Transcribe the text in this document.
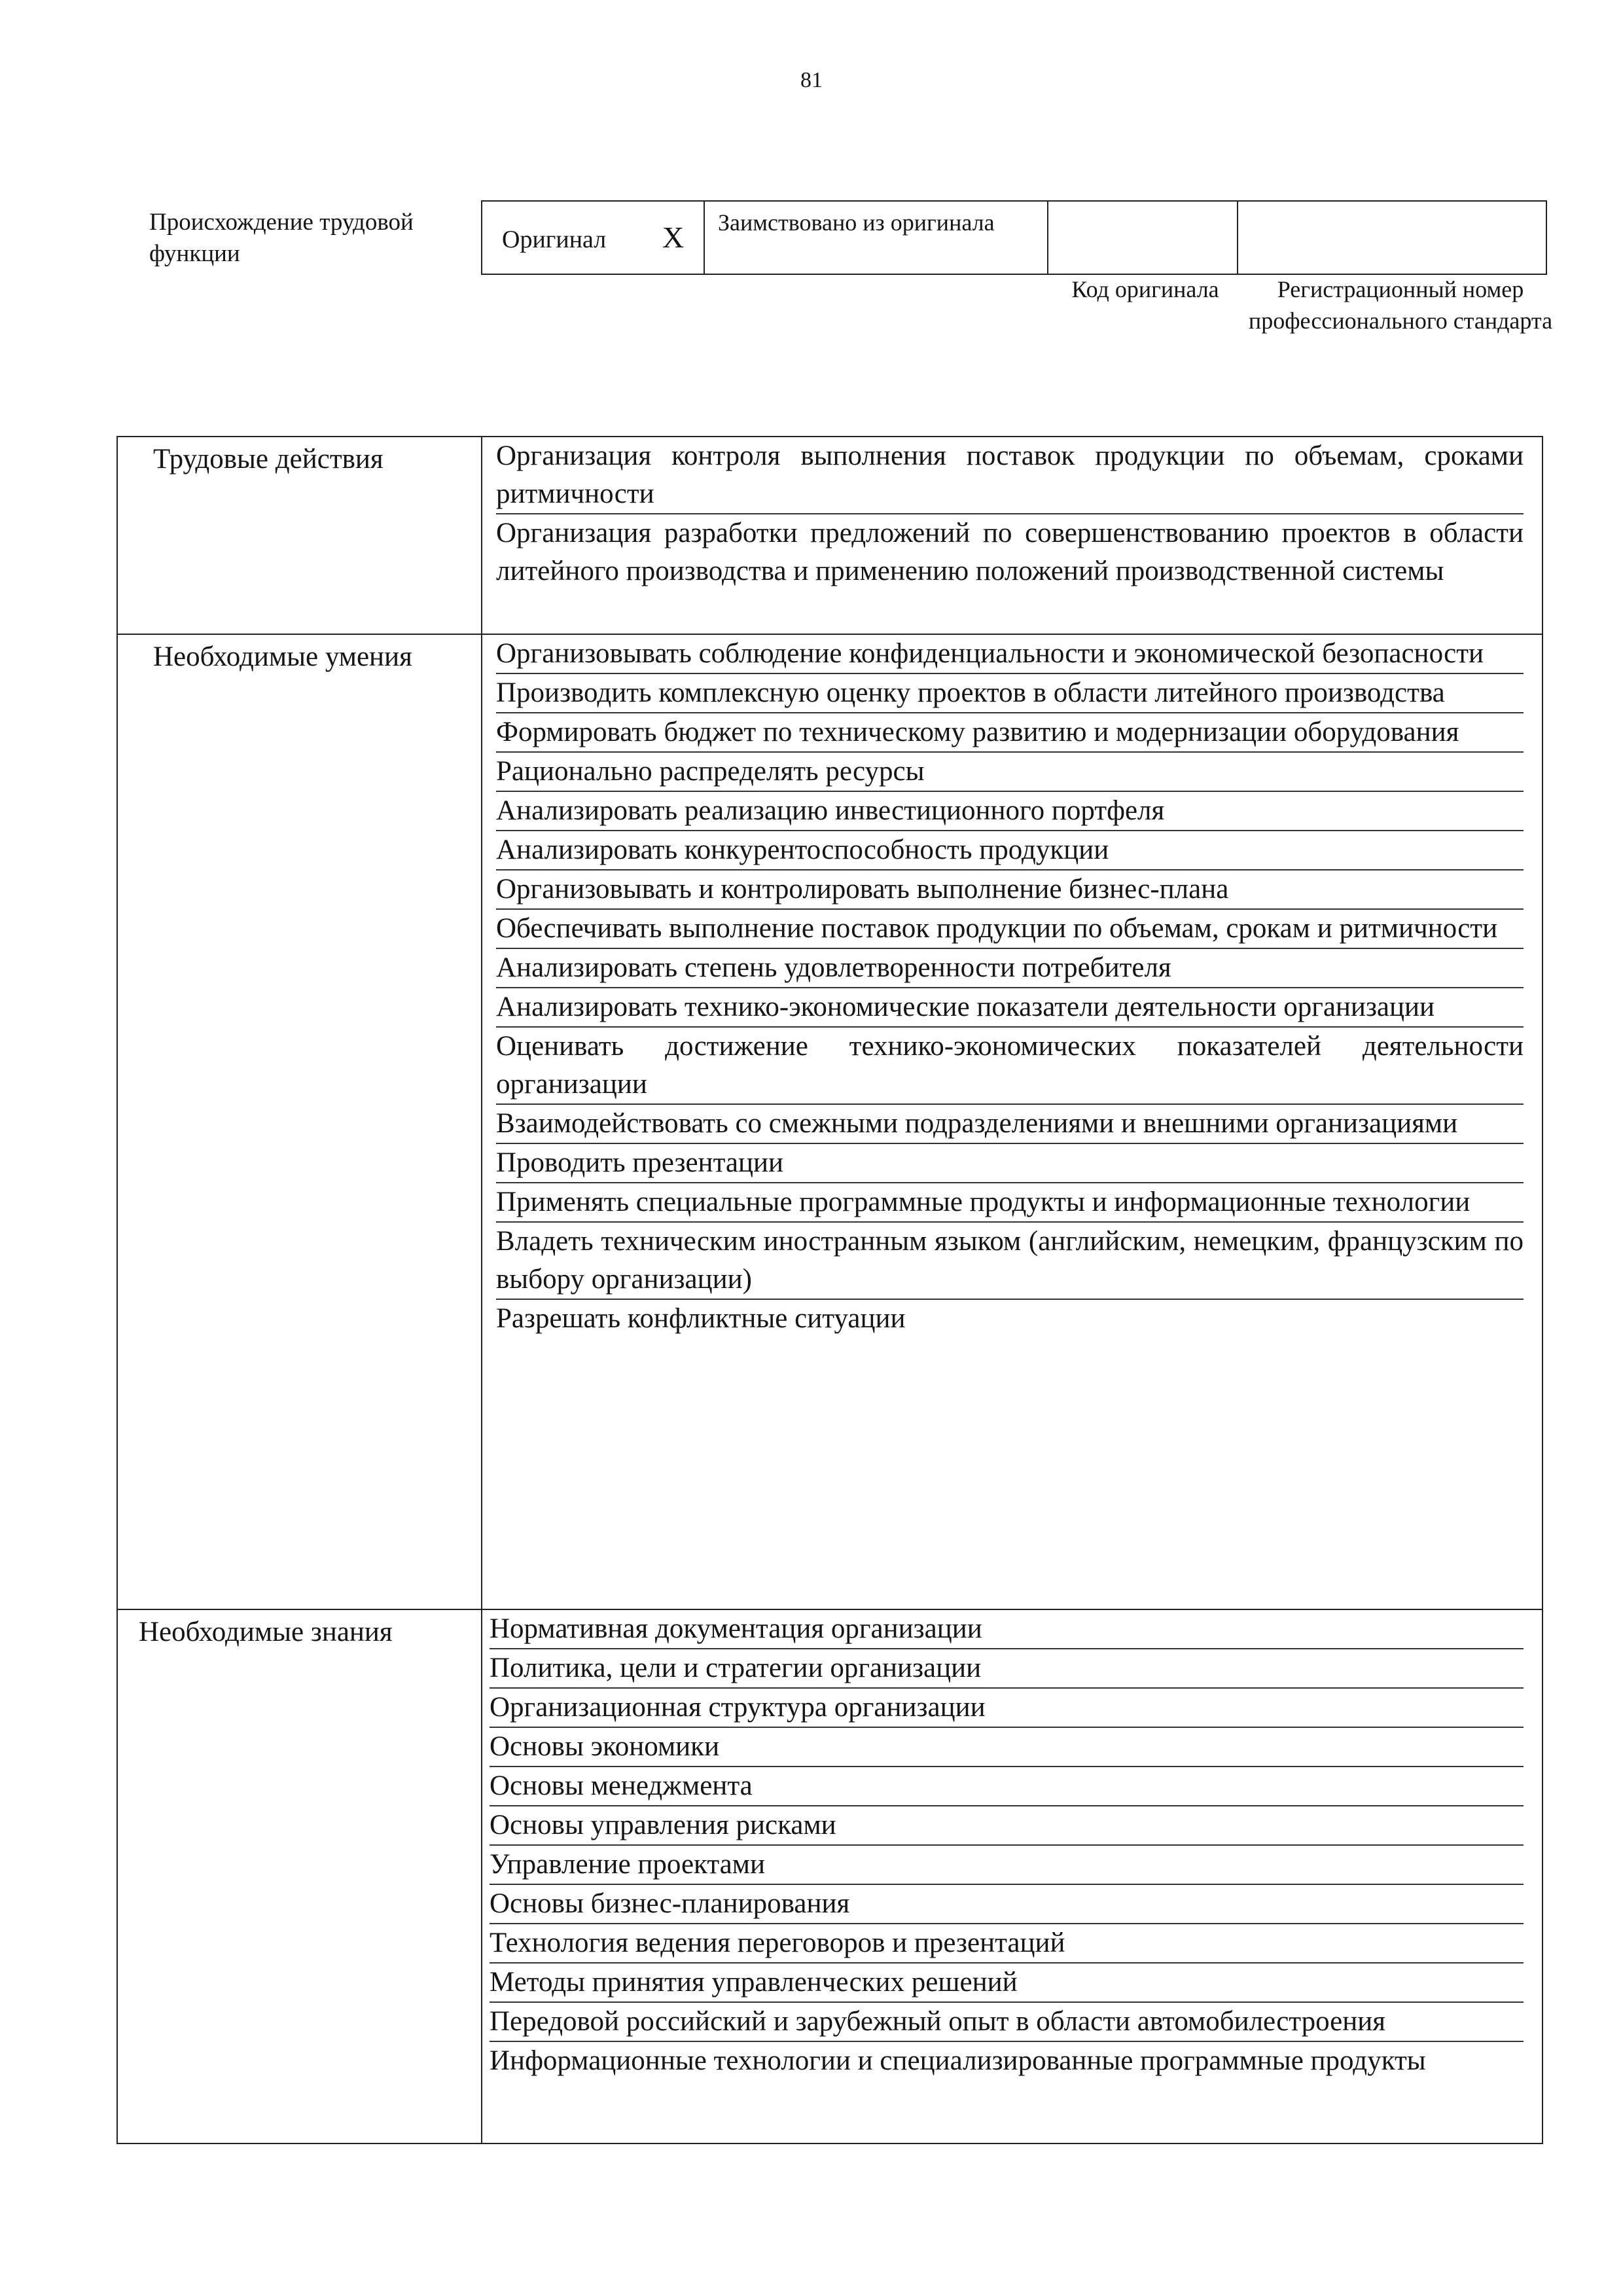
81
Происхождение трудовой функции
Оригинал X	Заимствовано из оригинала
Код оригинала	Регистрационный номер профессионального стандарта
Трудовые действия	Организация контроля выполнения поставок продукции по объемам, сроками ритмичности
Организация разработки предложений по совершенствованию проектов в области литейного производства и применению положений производственной системы
Необходимые умения	Организовывать соблюдение конфиденциальности и экономической безопасности
Производить комплексную оценку проектов в области литейного производства
Формировать бюджет по техническому развитию и модернизации оборудования
Рационально распределять ресурсы
Анализировать реализацию инвестиционного портфеля
Анализировать конкурентоспособность продукции
Организовывать и контролировать выполнение бизнес-плана
Обеспечивать выполнение поставок продукции по объемам, срокам и ритмичности
Анализировать степень удовлетворенности потребителя
Анализировать технико-экономические показатели деятельности организации
Оценивать достижение технико-экономических показателей деятельности организации
Взаимодействовать со смежными подразделениями и внешними организациями
Проводить презентации
Применять специальные программные продукты и информационные технологии
Владеть техническим иностранным языком (английским, немецким, французским по выбору организации)
Разрешать конфликтные ситуации
Необходимые знания	Нормативная документация организации
Политика, цели и стратегии организации
Организационная структура организации
Основы экономики
Основы менеджмента
Основы управления рисками
Управление проектами
Основы бизнес-планирования
Технология ведения переговоров и презентаций
Методы принятия управленческих решений
Передовой российский и зарубежный опыт в области автомобилестроения
Информационные технологии и специализированные программные продукты
